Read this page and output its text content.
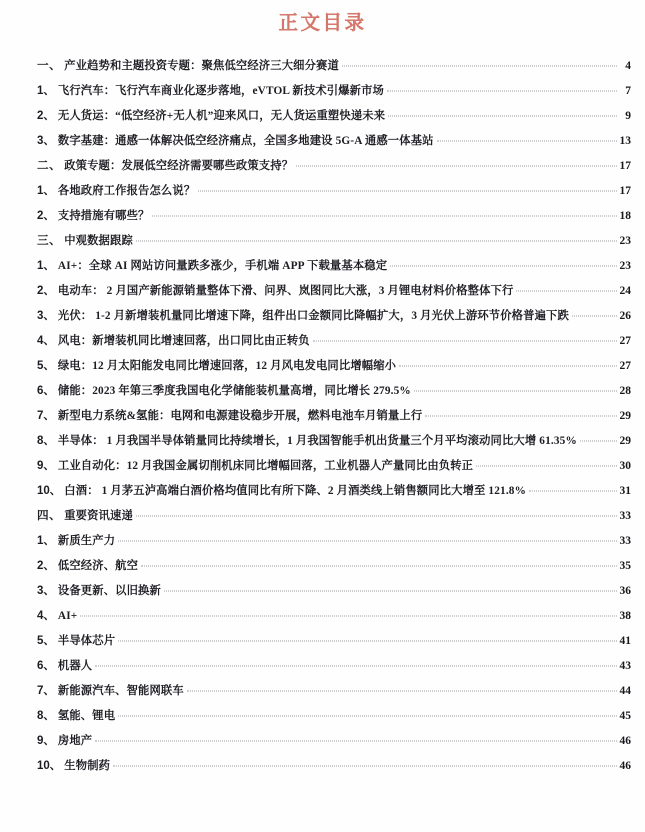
正文目录
一、 产业趋势和主题投资专题：聚焦低空经济三大细分赛道	4
1、 飞行汽车：飞行汽车商业化逐步落地，eVTOL 新技术引爆新市场	7
2、 无人货运：“低空经济+无人机”迎来风口，无人货运重塑快递未来	9
3、 数字基建：通感一体解决低空经济痛点，全国多地建设 5G-A 通感一体基站	13
二、 政策专题：发展低空经济需要哪些政策支持？	17
1、 各地政府工作报告怎么说？	17
2、 支持措施有哪些？	18
三、 中观数据跟踪	23
1、 AI+：全球 AI 网站访问量跌多涨少，手机端 APP 下载量基本稳定	23
2、 电动车： 2 月国产新能源销量整体下滑、问界、岚图同比大涨，3 月锂电材料价格整体下行	24
3、 光伏： 1-2 月新增装机量同比增速下降，组件出口金额同比降幅扩大，3 月光伏上游环节价格普遍下跌	26
4、 风电：新增装机同比增速回落，出口同比由正转负	27
5、 绿电：12 月太阳能发电同比增速回落，12 月风电发电同比增幅缩小	27
6、 储能：2023 年第三季度我国电化学储能装机量高增，同比增长 279.5%	28
7、 新型电力系统&氢能：电网和电源建设稳步开展，燃料电池车月销量上行	29
8、 半导体： 1 月我国半导体销量同比持续增长，1 月我国智能手机出货量三个月平均滚动同比大增 61.35%	29
9、 工业自动化：12 月我国金属切削机床同比增幅回落，工业机器人产量同比由负转正	30
10、 白酒： 1 月茅五泸高端白酒价格均值同比有所下降、2 月酒类线上销售额同比大增至 121.8%	31
四、 重要资讯速递	33
1、 新质生产力	33
2、 低空经济、航空	35
3、 设备更新、以旧换新	36
4、 AI+	38
5、 半导体芯片	41
6、 机器人	43
7、 新能源汽车、智能网联车	44
8、 氢能、锂电	45
9、 房地产	46
10、 生物制药	46
